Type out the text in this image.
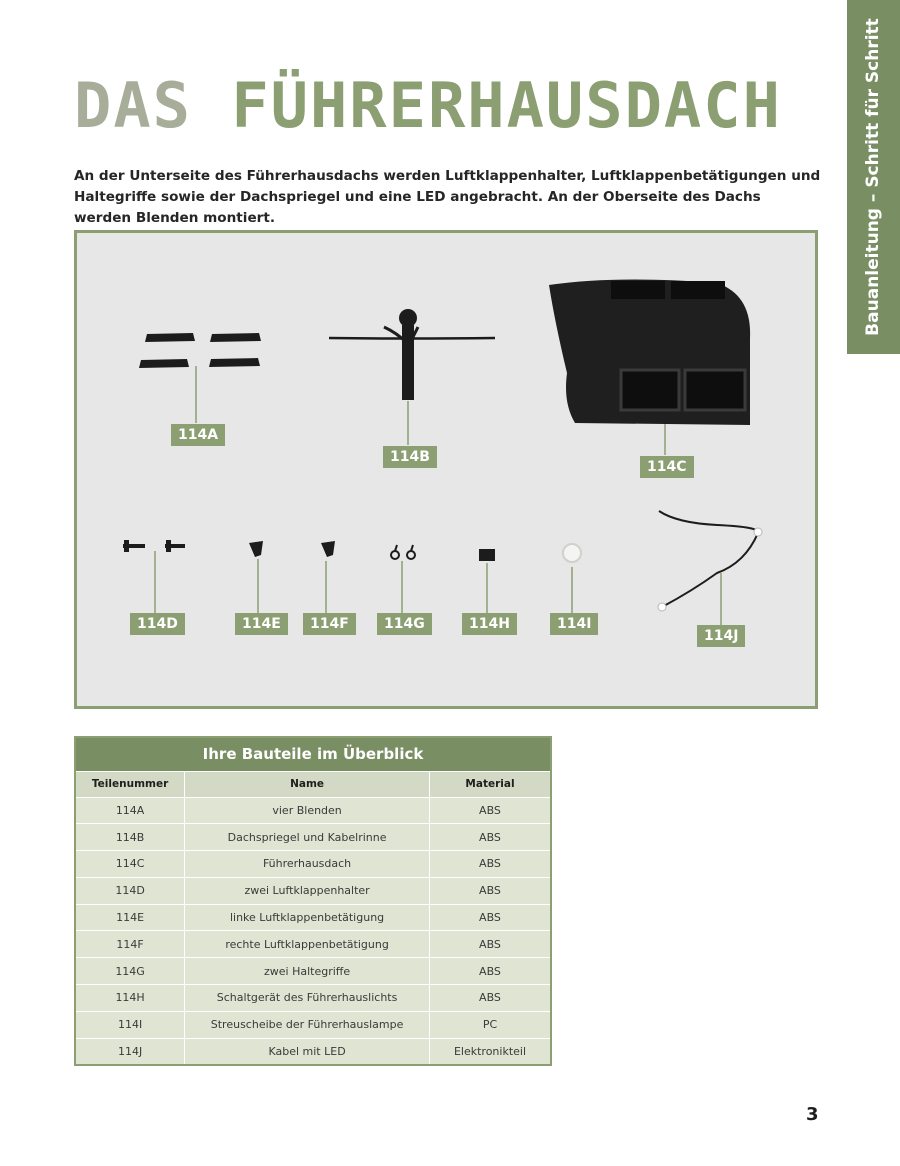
Bauanleitung – Schritt für Schritt
DAS FÜHRERHAUSDACH

An der Unterseite des Führerhausdachs werden Luftklappenhalter, Luftklappenbetätigungen und Haltegriffe sowie der Dachspriegel und eine LED angebracht. An der Oberseite des Dachs werden Blenden montiert.

114A
114B
114C
114D	114E	114F	114G	114H	114I
114J
Ihre Bauteile im Überblick		
Teilenummer	Name	Material
114A	vier Blenden	ABS
114B	Dachspriegel und Kabelrinne	ABS
114C	Führerhausdach	ABS
114D	zwei Luftklappenhalter	ABS
114E	linke Luftklappenbetätigung	ABS
114F	rechte Luftklappenbetätigung	ABS
114G	zwei Haltegriffe	ABS
114H	Schaltgerät des Führerhauslichts	ABS
114I	Streuscheibe der Führerhauslampe	PC
114J	Kabel mit LED	Elektronikteil
3
